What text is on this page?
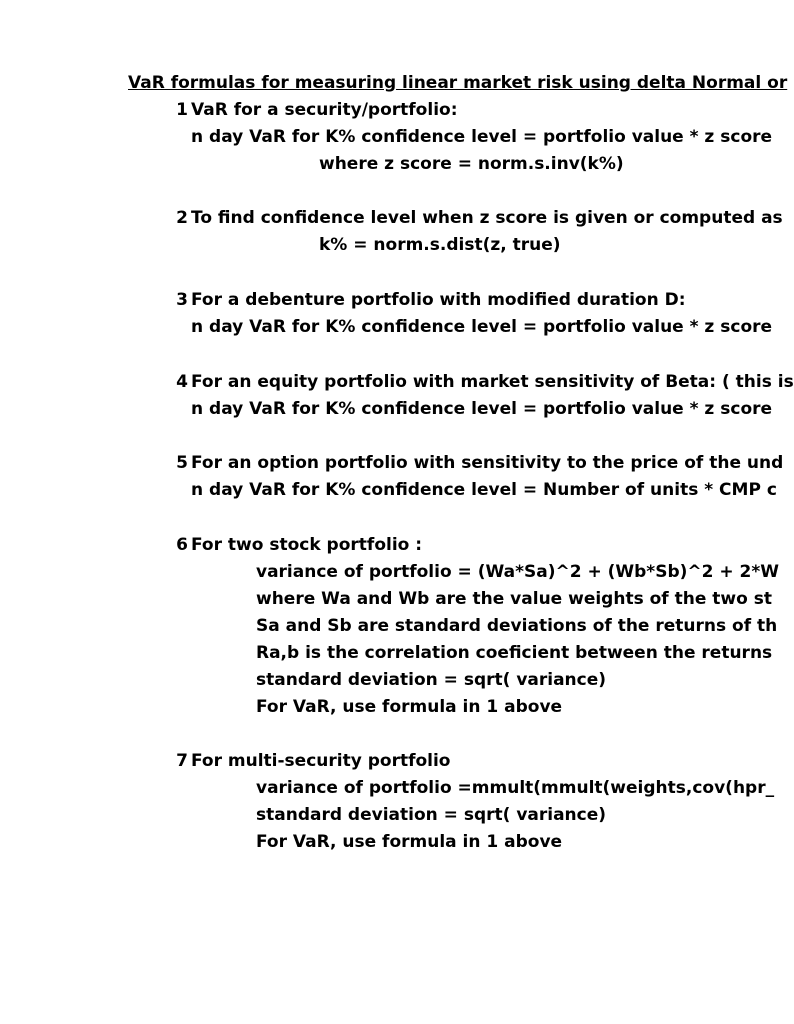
VaR formulas for measuring linear market risk using delta Normal or
1 VaR for a security/portfolio:
n day VaR for K% confidence level = portfolio value * z score
where z score = norm.s.inv(k%)
2 To find confidence level when z score is given or computed as
k% = norm.s.dist(z, true)
3 For a debenture portfolio with modified duration D:
n day VaR for K% confidence level = portfolio value * z score
4 For an equity portfolio with market sensitivity of Beta: ( this is
n day VaR for K% confidence level = portfolio value * z score
5 For an option portfolio with sensitivity to the price of the und
n day VaR for K% confidence level = Number of units * CMP c
6 For two stock portfolio :
variance of portfolio = (Wa*Sa)^2 + (Wb*Sb)^2 + 2*W
where Wa and Wb are the value weights of the two st
Sa and Sb are standard deviations of the returns of th
Ra,b is the correlation coeficient between the returns
standard deviation = sqrt( variance)
For VaR, use formula in 1 above
7 For multi-security portfolio
variance of portfolio =mmult(mmult(weights,cov(hpr_
standard deviation = sqrt( variance)
For VaR, use formula in 1 above
